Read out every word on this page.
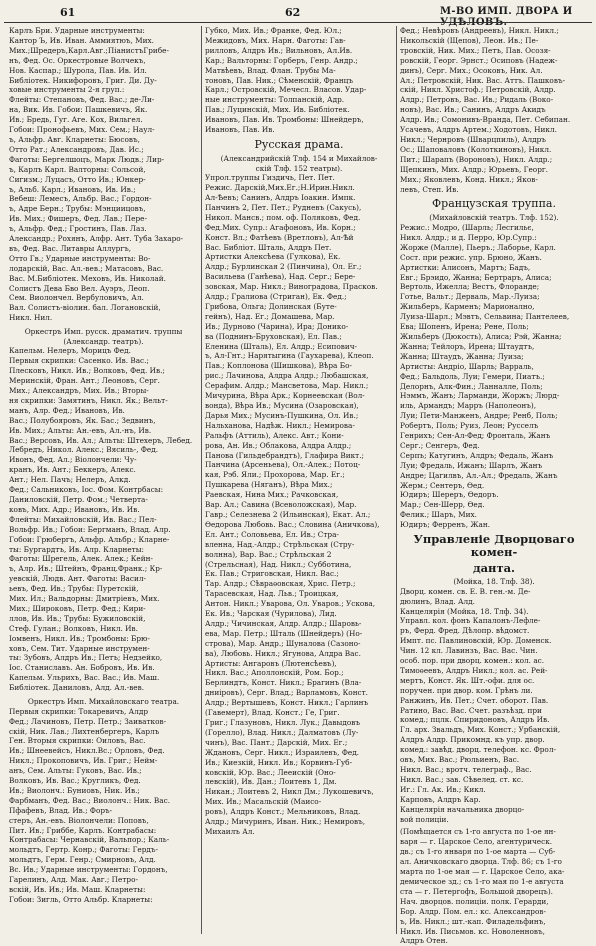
61	62	М-ВО ИМП. ДВОРА И УДѢЛОВЪ.
Карлъ Бри. Ударные инструменты:
Кантор Ъ, Ив. Иван. Аммиятюъ, Мих.
Мих.;Шредеръ,Карл.Авг.;ПіанистъГрибе-
нъ, Фед. Ос. Оркестровые Волчекъ,
Нов. Каспар.; Шурола, Пав. Ив. Ил.
Библіотек. Никифоровъ, Григ. Ди. Ду-
ховые инструменты 2-я груп.:
Флейты: Степановъ, Фед. Вас.; де-Ли-
на, Вик. Ив. Гобои: Пашкевичъ, Як.
Ив.; Бредь, Гуг. Аге. Кох, Вильгел.
Гобои: Пронофьевъ, Мих. Сем.; Наул-
ъ, Альфр. Авг. Кларнеты: Бюсовъ,
Отто Рат.; Александровъ, Дав. Ис.;
Фаготы: Бергелшоцъ, Марк Людв.; Лир-
ъ, Карлъ Карл. Валторны: Сольсой,
Сигизм.; Луцасъ, Отто Ив.; Юнкер-
ъ, Альб. Карл.; Ивановъ, Ив. Ив.;
Вебеш: Лемесъ, Альбр. Вас.; Гордон-
ъ, Адре Берн.; Трубы: Мэнциицовъ,
Ив. Мих.; Фишеръ, Фед. Лав.; Пере-
ъ, Альфр. Фед.; Гростинъ, Пав. Лаз.
Александр.; Рохянъ, Алфр. Ант. Туба Захаро-
въ, Фед. Вас. Литавры Аллургъ,
Отто Гв.; Ударные инструменты: Во-
лодарскій, Вас. Ал.-вев.; Матасовъ, Вас.
Вас. М.Библіотек. Меховъ, Ив. Николай.
Солистъ Дева Бво Вел. Ауэръ, Леоп.
Сем. Виолончел. Вербуловичъ, Ал.
Вал. Солистъ-віолин. бал. Логановскій,
Никл. Нил.
Оркестръ Имп. русск. драматич. труппы (Александр. театръ).
Капельм. Нелеръ, Морицъ Фед.
Первыя скрипки: Сасенко. Ив. Вас.;
Плесковъ, Никл. Ив.; Волковъ, Фед. Ив.;
Меринскій, Фран. Ант.; Леоновъ, Серг.
Мих.; Александръ, Мих. Ив.; Вторы-
ня скрипки: Замятинъ, Никл. Як.; Вельт-
манъ, Алр. Фед.; Ивановъ, Ив.
Вас.; Полубояровъ, Як. Бас.; Зедвинъ,
Ив. Мих.; Альты: Ан.-евъ, Ал.-нъ, Ив.
Вас.; Версовъ, Ив. Ал.; Альты: Штехеръ, Лебед.
Лебредъ, Никол. Алекс.; Вясиль-, Фед.
Ивонъ, Фед. Ал.; Віолончели: Чу-
кранъ, Ив. Ант.; Беккеръ, Алекс.
Ант.; Нел. Пачъ; Нелеръ, Алкд.
Фед.; Сальниковъ, Іос. Фом. Контрбаcы:
Даниловскій, Петр. Фом.; Четверта-
ковъ, Мих. Адр.; Ивановъ, Ив. Ив.
Флейты: Михайловскій, Ив. Вас.; Пел-
Вольфр. Ив.; Гобои: Бергманъ, Влад. Алр.
Гобои: Грюбергъ, Альфр. Альбр.; Кларне-
ты: Бургардтъ, Ив. Алр. Кларнеты:
Фаготы: Шрегель, Алек. Алек.; Кейн-
ъ, Алр. Ив.; Штейнъ, Франц.Франк.; Кр-
уевскій, Людв. Ант. Фаготы: Васил-
ьевъ, Фед. Ив.; Трубы: Пуретскій,
Мих. Ил.; Вальдорны: Дмитріевъ, Мих.
Мих.; Широковъ, Петр. Фед.; Кири-
ллов, Ив. Ив.; Трубы: Бужиловскій,
Стеф. Гулан.; Волковъ, Никл. Ив.
Іомвенъ, Никл. Ив.; Тромбоны: Брю-
ховъ, Сем. Тит. Ударные инструмен-
ты: Зубовъ, Алдръ Ив.; Петъ; Недзейко,
Іос. Станиславъ. Ан. Бобровъ, Ив. Ив.
Капельм. Ульрихъ, Вас. Вас.; Ив. Маш.
Библіотек. Даниловъ, Алд. Ал.-вев.
Оркестръ Имп. Михайловскаго театра.
Первыя скрипки: Токаревичъ, Алдр
Фед.; Лачиновъ, Петр. Петр.; Заиватков-
скій, Ник. Лав.; Лихтенбергеръ, Карлъ
Ген. Вторыя скрипки: Оиловъ, Вас.
Ив.; Шнеевейсъ, Никл.Вс.; Орловъ, Фед.
Никл.; Прокоповичъ, Ив. Григ.; Нейм-
анъ, Сем. Альты: Гуковъ, Вас. Ив.;
Волковъ, Ив. Вас.; Кругликъ, Фед.
Ив.; Виолонч.: Буниовъ, Ник. Ив.;
Фарбманъ, Фед. Вас.; Виолонч.: Ник. Вас.
Пфафевъ, Влад. Ив.; Форъ-
стеръ, Ан.-евъ. Віолончели: Поповъ,
Пит. Ив.; Гриббе, Карлъ. Контрабасы:
Контрабасы: Чернавскій, Вальпор.; Каль-
мольдтъ, Гертр. Конр.; Фаготы: Гердъ-
мольдтъ, Герм. Генр.; Смирновъ, Алд.
Вс. Ив.; Ударные инструменты: Гордонъ,
Гарелинъ, Алд. Мак. Авг.; Петро-
вскій, Ив. Ив.; Ив. Маш. Кларнеты:
Гобои: Зигль, Отто Альбр. Кларнеты:
Губко, Мих. Ив.; Франке, Фед. Юл.;
Межидовъ, Мих. Нарн. Фаготы: Гав-
рилловъ, Алдръ Ив.; Вильновъ, Ал.Ив.
Кар.; Вальторны: Горберъ, Генр. Андр.;
Матвѣевъ, Влад. Флан. Трубы Ма-
тоновъ, Пав. Ник.; Сѣменскій, Францъ
Карл.; Островскій, Мечесл. Власов. Удар-
ные инструменты: Толпанскій, Адр.
Пав.; Луцинскій, Мих. Ив. Библіотек.
Ивановъ, Пав. Ив. Тромбоны: Шнейдеръ,
Ивановъ, Пав. Ив.
Русская драма.
(Александрийскій Тлф. 154 и Михайлов-
скій Тлф. 152 театры).
Упрол.труппы Гиздичь, Пет. Пет.
Режис. Дарскій,Мих.Ег.;Н.Ирин.Никл.
Ал-Ѣевъ; Санинъ, Алдръ Іоакин. Импк.
Панчинъ 2, Пет. Пет.; Рудневъ (Сакусь),
Никол. Мансв.; пом. оф. Поляковъ, Фед.
Фед.Мих. Супр.: Агафоновъ, Ив. Корн.;
Конст. Вл.; Фатѣевъ (Вретловъ), Ал-Ѣй
Вас. Библіот. Шталь, Алдръ Пет.
Артистки Алексѣева (Гулкова), Ек.
Алдр.; Бурлинская 2 (Пинчина), Ол. Ег.;
Васильева (Ганѣева), Над. Серг.; Бере-
зовская, Мар. Никл.; Виноградова, Прасков.
Алдр.; Гралиова (Стриган), Ек. Фед.;
Грибова, Ольга; Долинская (Буте-
гейнъ), Над. Ег.; Домашева, Мар.
Ив.; Дурново (Чарина), Ира; Донико-
ва (Поднинъ-Бруховская), Ел. Пав.;
Еленина (Шталь), Ел. Алдр.; Есипович-
ъ, Ал-Гнт.; Нарятыгина (Гаухарева), Клеоп.
Пав.; Коплонова (Шишкова), Вѣра Бо-
рис.; Лачинова, Алдра Алдр.; Любашская,
Серафим. Алдр.; Мансветова, Мар. Никл.;
Мичурина, Вѣра Арк.; Корнеевская (Вол-
вонда), Вѣра Ив.; Мусина (Озаровская),
Дарья Мих.; Мусинъ-Пушкина, Ол. Ив.;
Нальханова, Надѣж. Никл.; Немирова-
Ральфъ (Аттиль), Алекс. Авт.; Кони-
рова, Ан. Ив.; Облакова, Алдра Алдр.;
Панова (Гильдебрандтъ), Глафира Викт.;
Панчина (Арсеньева), Ол.-Алек.; Потоц-
кая, Рэб. Яли.; Прохорова, Мар. Ег.;
Пушкарева (Няганъ), Вѣра Мих.;
Раевская, Нина Мих.; Рачковская,
Вар. Ал.; Савина (Всеволожская), Мар.
Гавр.; Селезнева 2 (Ильинская), Екат. Ал.;
Ѳедорова Любовь. Вас.; Словина (Аничкова),
Ел. Ант.; Соловьева, Ел. Ив.; Стра-
вленна, Над.-Алдр.; Стрѣльская (Стру-
волнна), Вар. Вас.; Стрѣльская 2
(Стрельсная), Над. Никл.; Субботина,
Ек. Пав.; Стриговская, Никл. Вас.;
Тар. Алдр.; Сѣвраѳовская, Хрис. Петр.;
Тарасевская, Над. Льв.; Троицкая,
Антон. Никл.; Уварова, Ол. Уваров.; Ускова,
Ек. Ив.; Чарская (Чурилова), Лид.
Алдр.; Чичинская, Алдр. Алдр.; Шаровь-
ева, Мар. Петр.; Шталь (Шнейдеръ) (Но-
строва), Мар. Андр.; Шуналова (Сазоно-
ва), Любовь. Никл.; Ягунова, Алдра Вас.
Артисты: Ангаровъ (Лютенсѣевъ),
Никл. Вас.; Аполлонскій, Ром. Бор.;
Берлиндтъ, Конст. Никл.; Брагинъ (Вла-
дниіровъ), Серг. Влад.; Варламовъ, Конст.
Алдр.; Вертышевъ, Конст. Никл.; Гарлинъ
(Гавемерт), Влад. Конст.; Ге, Григ.
Григ.; Глазуновъ, Никл. Лук.; Давыдовъ
(Горелло), Влад. Никл.; Далматовъ (Лу-
чинъ), Вас. Пант.; Дарскій, Мих. Ег.;
Ждановъ, Серг. Никл.; Израилевъ, Фед.
Ив.; Киезкій, Никл. Ив.; Корвинъ-Губ-
ковскій, Юр. Вас.; Лееискій (Оно-
левскій), Ив. Дан.; Лоитевъ 1, Дм.
Никан.; Лоитевъ 2, Никл Дм.; Лукошевичъ,
Мих. Ив.; Масальскій (Маисо-
ровъ), Алдръ Конст.; Мельниковъ, Влад.
Алдр.; Мичуринъ, Иван. Ник.; Немировъ,
Михаилъ Ал.
Фед.; Невѣровъ (Андреевъ), Никл. Никл.;
Никольскій (Щепов), Леон. Ив.; Пе-
тровскій, Ник. Мих.; Петъ, Пав. Осозя-
ровскій, Георг. Эрнст.; Осиповъ (Надеж-
динъ), Серг. Мих.; Осоковъ, Ник. Ал.
Ал.; Петровскій, Ник. Вас. Аттъ. Пашковъ-
скій, Никл. Христоф.; Петровскій, Алдр.
Алдр.; Петровъ, Вас. Ив.; Ридаль (Воко-
новъ), Вас. Ив.; Санинъ, Алдръ Акидъ
Алдр. Ив.; Сомонивъ-Вранда, Пет. Себипан.
Усачевъ, Алдръ Артем.; Ходотовъ, Никл.
Никл.; Чернровъ (Шварцпиль), Алдръ
Ос.; Шаповаловъ (Колоткиновъ), Никл.
Пит.; Шарапъ (Вороновъ), Никл. Алдр.;
Щепкинъ, Мих. Алдр.; Юрьевъ, Георг.
Мих.; Яковлевъ, Конд. Никл.; Яков-
левъ, Степ. Ив.
Французская труппа.
(Михайловскій театръ. Тлф. 152).
Режис.: Модро, (Шарль; Лесгильє,
Никл. Алдр.; и д. Перро, Юр.Супр.:
Жорже (Малле), Пьеръ.; Лаборье, Карл.
Сост. при режис. упр. Брюно, Жанъ.
Артистки: Алисонъ, Мартъ; Бадъ,
Евг.; Брэидо, Жанна; Бертраръ, Алиса;
Вертоль, Ижелла; Вестъ, Флоранде;
Готье, Вальт.; Дерваль, Мар.-Луиза;
Жильберъ, Карменъ; Марионално,
Луиза-Шарл.; Мэвтъ, Сельвина; Пантелеев,
Ева; Шопенъ, Ирена; Рене, Поль;
Жильберъ (Дюкость), Алиса; Рэй, Жанна;
Жанна; Тейлоръ, Ирена; Штаудтъ,
Жанна; Штаудъ, Жанна; Луиза;
Артисты: Андріо, Шарль; Варраль,
Фед.; Бальдоль, Луи; Гемери, Пиатъ.;
Делорнъ, Алк-Фин.; Ланналле, Поль;
Нэммъ, Жанъ; Ларманди, Жоржъ; Люрд-
иль, Армандъ; Марръ (Наполеонъ),
Луи; Пети-Манженъ, Андре; Ренб, Поль;
Робертъ, Поль; Руиз, Леон; Русселъ
Генрихъ; Сен-Ал-Фед; Фронталь, Жанъ
Серг.; Сенгеръ, Фед.
Серпъ; Катугинъ, Алдръ; Федаль, Жанъ
Луи; Фредаль, Ижанъ; Шарлъ, Жанъ
Андре; Цагилвъ, Ал.-Ал.; Фредаль, Жанъ
Жерм.; Сентеръ, Ѳед.
Юдиръ; Шереръ, Ѳедоръ.
Мар.; Сен-Шерр, Ѳед.
Фелик.; Шаръ, Мих.
Юдиръ; Ферренъ, Жан.
Управленіе Дворцоваго комен-
данта.
(Мойка, 18. Тлф. 38).
Дворц. комен. св. Е. В. ген.-м. Де-
дюлинъ, Влад. Алд.
Канцелярія (Мойка, 18. Тлф. 34).
Управл. кол. фонъ Капалонъ-Лефле-
ръ, Ферд. Фред. Дѣлопр. вѣдомст.
Импт. пс. Павлиновскій, Юр. Доменск.
Чин. 12 кл. Лавинзъ, Вас. Вас. Чин.
особ. пор. при дворц. комен.: кол. ас.
Тимоѳеевъ, Алдръ Никл.; кол. ас. Рей-
мертъ, Конст. Як. Шт.-офи. для ос.
поручен. при двор. ком. Грѣнъ ли.
Ранжинъ, Ив. Пет.; Счет. оборот. Пав.
Ратино, Вас. Вас. Счет. разъѣзд. при
комед.; пцлк. Спиридоновъ, Алдръ Ив.
Гл. арх. Звальдъ, Мих. Конст.; Урбанскій,
Алдръ Алдр. Прикомнд. къ упр. двор.
комед.: завѣд. дворц. телефон. кс. Фрол-
овъ, Мих. Вас.; Рюльиенъ, Вас.
Никл. Вас.; вротч. телеграф., Вас.
Никл. Вас.; зав. Сѣвелед. ст. кс.
Иг.: Гл. Ак. Ив.; Кикл.
Карповъ, Алдръ Кар.
Канцелярія начальника дворцо-
вой полиціи.
(Помѣщается съ 1-го августа по 1-ое ян-
варя — г. Царское Село, агентурическ.
дв.; съ 1-го января по 1-ое марта — Суб-
ал. Аничковскаго дворца. Тлф. 86; съ 1-го
марта по 1-ое мая — г. Царское Село, ака-
демическое зд.; съ 1-го мая по 1-е августа
ста — г. Петергофъ, Большой дворецъ).
Нач. дворцов. полиціи. полк. Герарди,
Бор. Алдр. Пом. ел.: кс. Александров-
ъ, Ив. Никл.; шт.-кап. Филадельфинъ,
Никл. Ив. Письмов. кс. Новоленновъ,
Алдръ Отен.
